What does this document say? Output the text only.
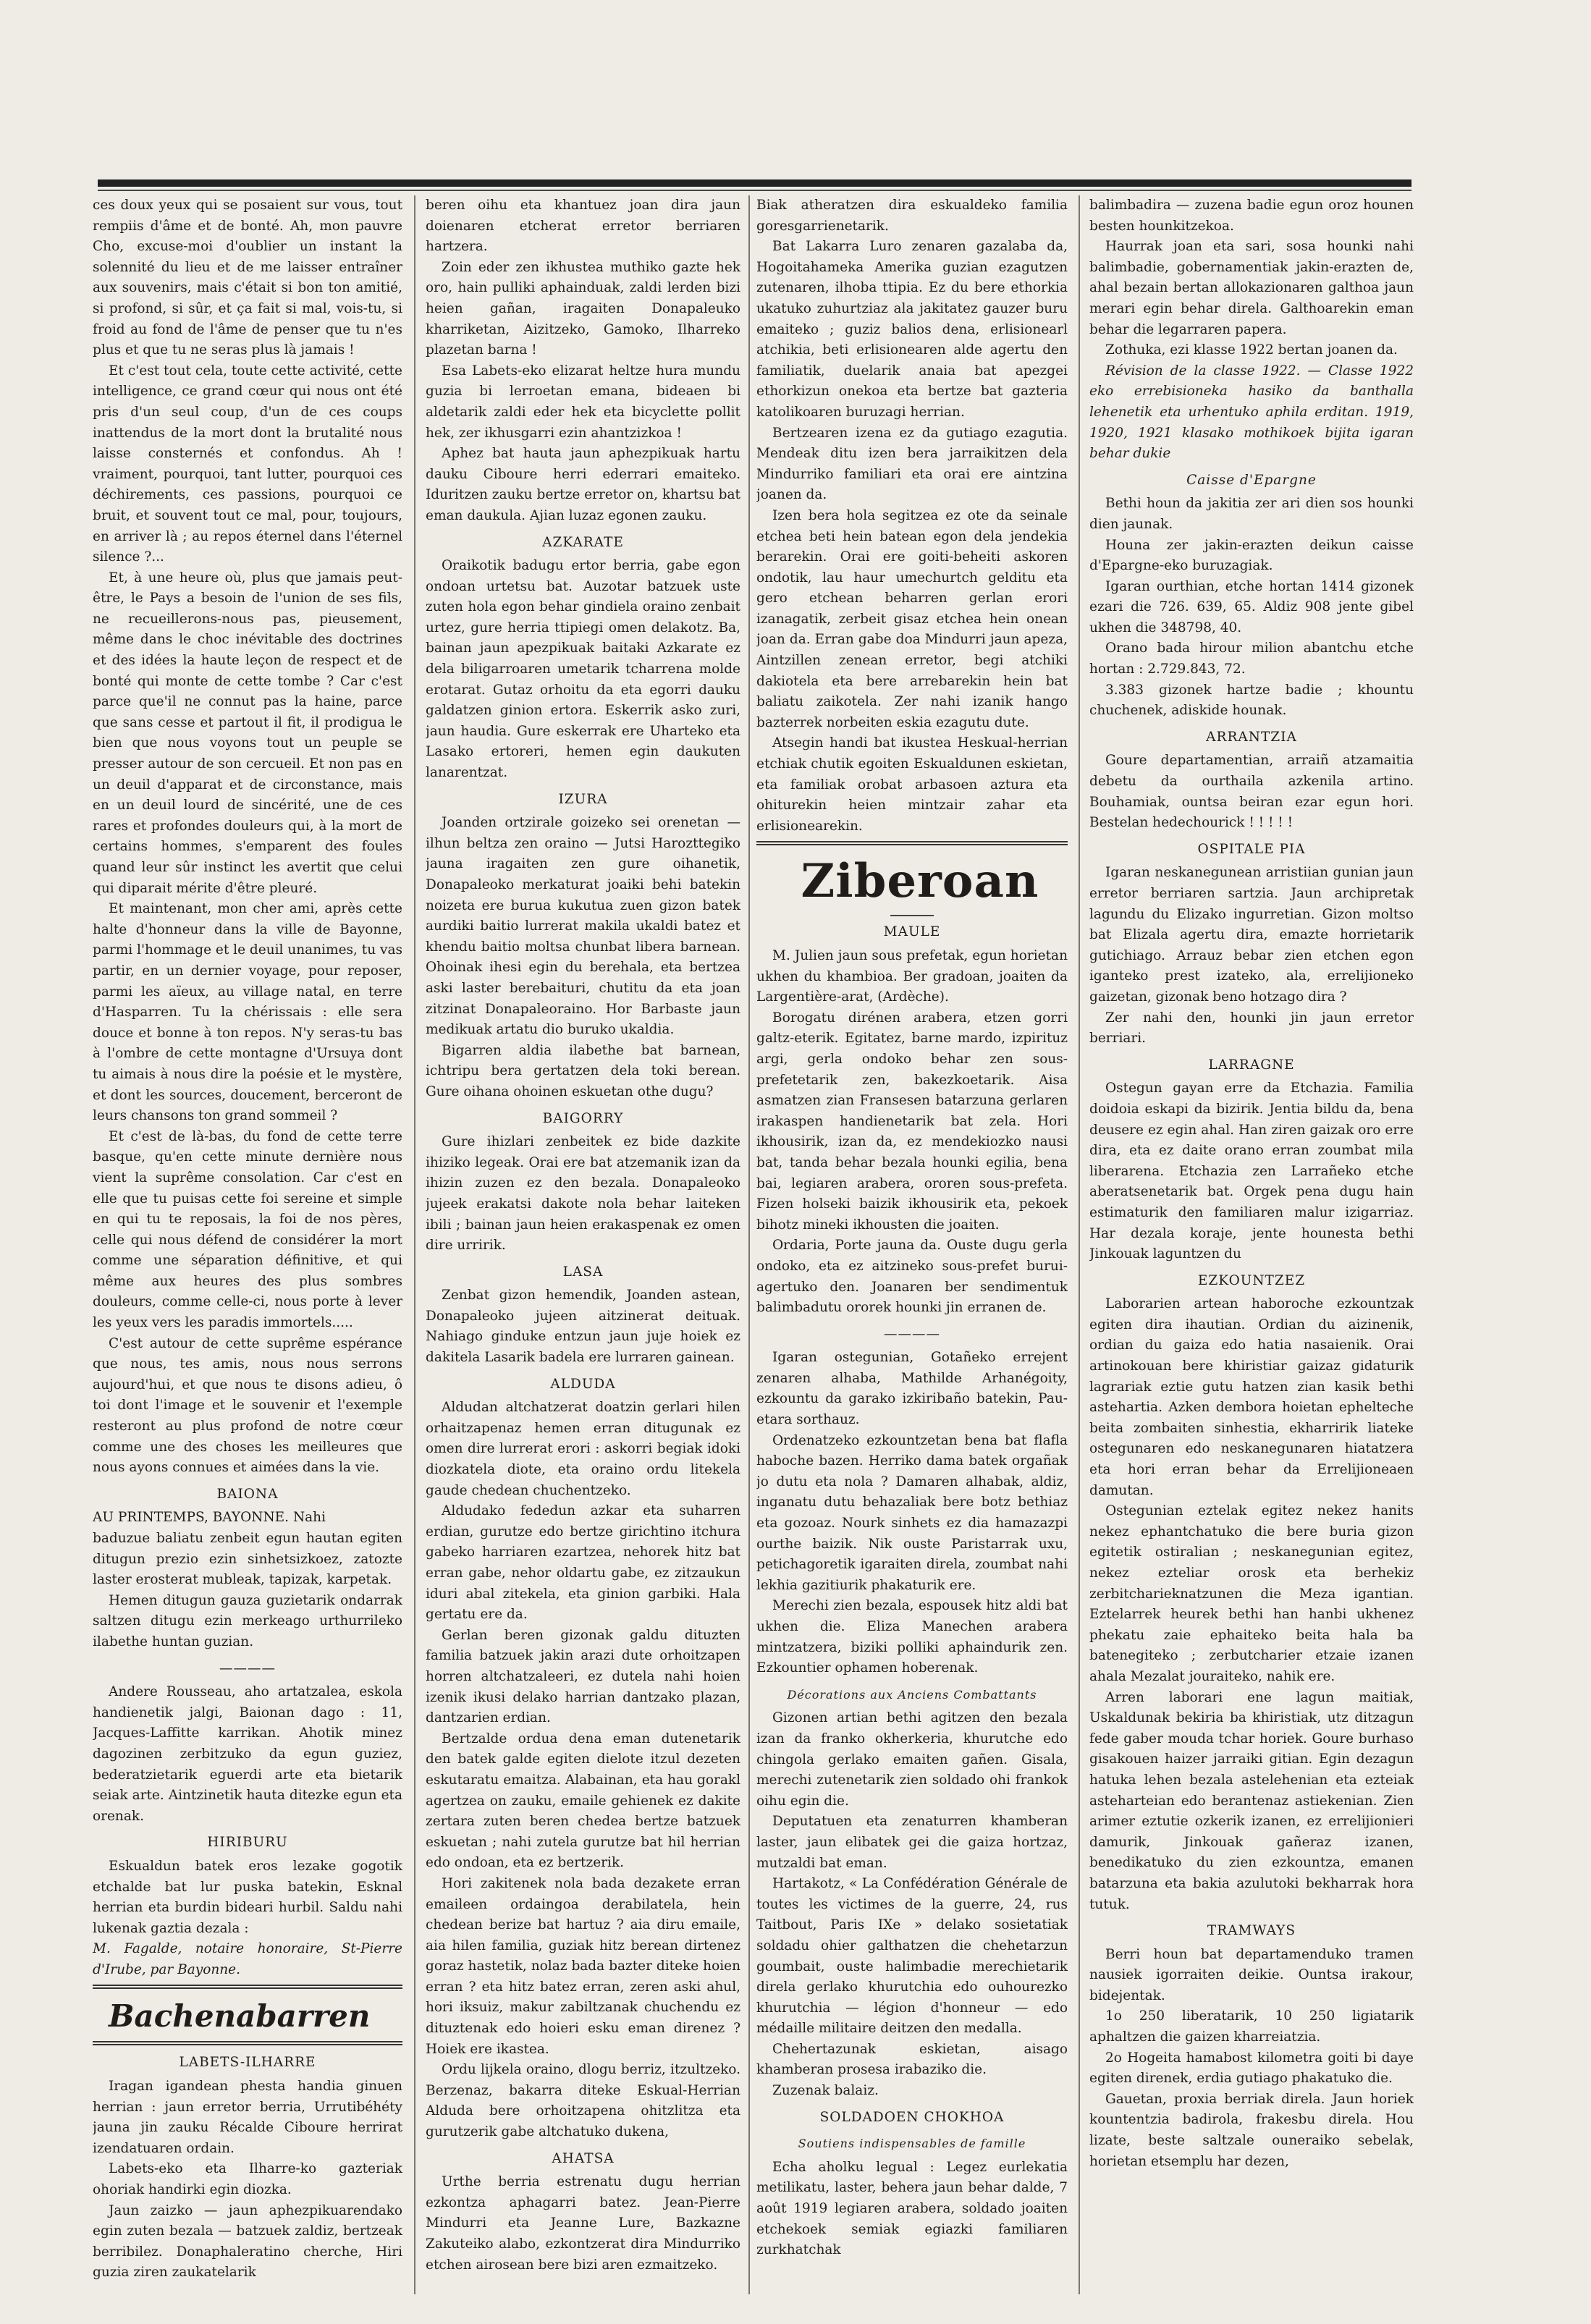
ces doux yeux qui se posaient sur vous, tout rempiis d'âme et de bonté. Ah, mon pauvre Cho, excuse-moi d'oublier un instant la solennité du lieu et de me laisser entraîner aux souvenirs, mais c'était si bon ton amitié, si profond, si sûr, et ça fait si mal, vois-tu, si froid au fond de l'âme de penser que tu n'es plus et que tu ne seras plus là jamais !

Et c'est tout cela, toute cette activité, cette intelligence, ce grand cœur qui nous ont été pris d'un seul coup, d'un de ces coups inattendus de la mort dont la brutalité nous laisse consternés et confondus. Ah ! vraiment, pourquoi, tant lutter, pourquoi ces déchirements, ces passions, pourquoi ce bruit, et souvent tout ce mal, pour, toujours, en arriver là ; au repos éternel dans l'éternel silence ?...

Et, à une heure où, plus que jamais peut-être, le Pays a besoin de l'union de ses fils, ne recueillerons-nous pas, pieusement, même dans le choc inévitable des doctrines et des idées la haute leçon de respect et de bonté qui monte de cette tombe ? Car c'est parce que'il ne connut pas la haine, parce que sans cesse et partout il fit, il prodigua le bien que nous voyons tout un peuple se presser autour de son cercueil. Et non pas en un deuil d'apparat et de circonstance, mais en un deuil lourd de sincérité, une de ces rares et profondes douleurs qui, à la mort de certains hommes, s'emparent des foules quand leur sûr instinct les avertit que celui qui diparait mérite d'être pleuré.

Et maintenant, mon cher ami, après cette halte d'honneur dans la ville de Bayonne, parmi l'hommage et le deuil unanimes, tu vas partir, en un dernier voyage, pour reposer, parmi les aïeux, au village natal, en terre d'Hasparren. Tu la chérissais : elle sera douce et bonne à ton repos. N'y seras-tu bas à l'ombre de cette montagne d'Ursuya dont tu aimais à nous dire la poésie et le mystère, et dont les sources, doucement, berceront de leurs chansons ton grand sommeil ?

Et c'est de là-bas, du fond de cette terre basque, qu'en cette minute dernière nous vient la suprême consolation. Car c'est en elle que tu puisas cette foi sereine et simple en qui tu te reposais, la foi de nos pères, celle qui nous défend de considérer la mort comme une séparation définitive, et qui même aux heures des plus sombres douleurs, comme celle-ci, nous porte à lever les yeux vers les paradis immortels.....

C'est autour de cette suprême espérance que nous, tes amis, nous nous serrons aujourd'hui, et que nous te disons adieu, ô toi dont l'image et le souvenir et l'exemple resteront au plus profond de notre cœur comme une des choses les meilleures que nous ayons connues et aimées dans la vie.

BAIONA

AU PRINTEMPS, BAYONNE. Nahi

baduzue baliatu zenbeit egun hautan egiten ditugun prezio ezin sinhetsizkoez, zatozte laster erosterat mubleak, tapizak, karpetak.

Hemen ditugun gauza guzietarik ondarrak saltzen ditugu ezin merkeago urthurrileko ilabethe huntan guzian.

————

Andere Rousseau, aho artatzalea, eskola handienetik jalgi, Baionan dago : 11, Jacques-Laffitte karrikan. Ahotik minez dagozinen zerbitzuko da egun guziez, bederatzietarik eguerdi arte eta bietarik seiak arte. Aintzinetik hauta ditezke egun eta orenak.

HIRIBURU

Eskualdun batek eros lezake gogotik etchalde bat lur puska batekin, Esknal herrian eta burdin bideari hurbil. Saldu nahi lukenak gaztia dezala :

M. Fagalde, notaire honoraire, St-Pierre d'Irube, par Bayonne.

Bachenabarren

LABETS-ILHARRE

Iragan igandean phesta handia ginuen herrian : jaun erretor berria, Urrutibéhéty jauna jin zauku Récalde Ciboure herrirat izendatuaren ordain.

Labets-eko eta Ilharre-ko gazteriak ohoriak handirki egin diozka.

Jaun zaizko — jaun aphezpikuarendako egin zuten bezala — batzuek zaldiz, bertzeak berribilez. Donaphaleratino cherche, Hiri guzia ziren zaukatelarik

beren oihu eta khantuez joan dira jaun doienaren etcherat erretor berriaren hartzera.

Zoin eder zen ikhustea muthiko gazte hek oro, hain pulliki aphainduak, zaldi lerden bizi heien gañan, iragaiten Donapaleuko kharriketan, Aizitzeko, Gamoko, Ilharreko plazetan barna !

Esa Labets-eko elizarat heltze hura mundu guzia bi lerroetan emana, bideaen bi aldetarik zaldi eder hek eta bicyclette pollit hek, zer ikhusgarri ezin ahantzizkoa !

Aphez bat hauta jaun aphezpikuak hartu dauku Ciboure herri ederrari emaiteko. Iduritzen zauku bertze erretor on, khartsu bat eman daukula. Ajian luzaz egonen zauku.

AZKARATE

Oraikotik badugu ertor berria, gabe egon ondoan urtetsu bat. Auzotar batzuek uste zuten hola egon behar gindiela oraino zenbait urtez, gure herria ttipiegi omen delakotz. Ba, bainan jaun apezpikuak baitaki Azkarate ez dela biligarroaren umetarik tcharrena molde erotarat. Gutaz orhoitu da eta egorri dauku galdatzen ginion ertora. Eskerrik asko zuri, jaun haudia. Gure eskerrak ere Uharteko eta Lasako ertoreri, hemen egin daukuten lanarentzat.

IZURA

Joanden ortziralе goizeko sei orenetan — ilhun beltza zen oraino — Jutsi Harozttegiko jauna iragaiten zen gure oihanetik, Donapaleoko merkaturat joaiki behi batekin noizeta ere burua kukutua zuen gizon batek aurdiki baitio lurrerat makila ukaldi batez et khendu baitio moltsa chunbat libera barnean. Ohoinak ihesi egin du berehala, eta bertzea aski laster berebaituri, chutitu da eta joan zitzinat Donapaleoraino. Hor Barbaste jaun medikuak artatu dio buruko ukaldia.

Bigarren aldia ilabethe bat barnean, ichtripu bera gertatzen dela toki berean. Gure oihana ohoinen eskuetan othe dugu?

BAIGORRY

Gure ihizlari zenbeitek ez bide dazkite ihiziko legeak. Orai ere bat atzemanik izan da ihizin zuzen ez den bezala. Donapaleoko jujeek erakatsi dakote nola behar laiteken ibili ; bainan jaun heien erakaspenak ez omen dire urririk.

LASA

Zenbat gizon hemendik, Joanden astean, Donapaleoko jujeen aitzinerat deituak. Nahiago ginduke entzun jaun juje hoiek ez dakitela Lasarik badela ere lurraren gainean.

ALDUDA

Aldudan altchatzerat doatzin gerlari hilen orhaitzapenaz hemen erran ditugunak ez omen dire lurrerat erori : askorri begiak idoki diozkatela diote, eta oraino ordu litekela gaude chedean chuchentzeko.

Aldudako fededun azkar eta suharren erdian, gurutze edo bertze girichtino itchura gabeko harriaren ezartzea, nehorek hitz bat erran gabe, nehor oldartu gabe, ez zitzaukun iduri abal zitekela, eta ginion garbiki. Hala gertatu ere da.

Gerlan beren gizonak galdu dituzten familia batzuek jakin arazi dute orhoitzapen horren altchatzaleeri, ez dutela nahi hoien izenik ikusi delako harrian dantzako plazan, dantzarien erdian.

Bertzalde ordua dena eman dutenetarik den batek galde egiten dielote itzul dezeten eskutaratu emaitza. Alabainan, eta hau gorakl agertzea on zauku, emaile gehienek ez dakite zertara zuten beren chedea bertze batzuek eskuetan ; nahi zutela gurutze bat hil herrian edo ondoan, eta ez bertzerik.

Hori zakitenek nola bada dezakete erran emaileen ordaingoa derabilatela, hein chedean berize bat hartuz ? aia diru emaile, aia hilen familia, guziak hitz berean dirtenez goraz hastetik, nolaz bada bazter diteke hoien erran ? eta hitz batez erran, zeren aski ahul, hori iksuiz, makur zabiltzanak chuchendu ez dituztenak edo hoieri esku eman direnez ? Hoiek ere ikastea.

Ordu lijkela oraino, dlogu berriz, itzultzeko. Berzenaz, bakarra diteke Eskual-Herrian Alduda bere orhoitzapena ohitzlitza eta gurutzerik gabe altchatuko dukena,

AHATSA

Urthe berria estrenatu dugu herrian ezkontza aphagarri batez. Jean-Pierre Mindurri eta Jeanne Lure, Bazkazne Zakuteiko alabo, ezkontzerat dira Mindurriko etchen airosean bere bizi aren ezmaitzeko.

Biak atheratzen dira eskualdeko familia goresgarrienetarik.

Bat Lakarra Luro zenaren gazalaba da, Hogoitahameka Amerika guzian ezagutzen zutenaren, ilhoba ttipia. Ez du bere ethorkia ukatuko zuhurtziaz ala jakitatez gauzer buru emaiteko ; guziz balios dena, erlisionearl atchikia, beti erlisionearen alde agertu den familiatik, duelarik anaia bat apezgei ethorkizun onekoa eta bertze bat gazteria katolikoaren buruzagi herrian.

Bertzearen izena ez da gutiago ezagutia. Mendeak ditu izen bera jarraikitzen dela Mindurriko familiari eta orai ere aintzina joanen da.

Izen bera hola segitzea ez ote da seinale etchea beti hein batean egon dela jendekia berarekin. Orai ere goiti-beheiti askoren ondotik, lau haur umechurtch gelditu eta gero etchean beharren gerlan erori izanagatik, zerbeit gisaz etchea hein onean joan da. Erran gabe doa Mindurri jaun apeza, Aintzillen zenean erretor, begi atchiki dakiotela eta bere arrebarekin hein bat baliatu zaikotela. Zer nahi izanik hango bazterrek norbeiten eskia ezagutu dute.

Atsegin handi bat ikustea Heskual-herrian etchiak chutik egoiten Eskualdunen eskietan, eta familiak orobat arbasoen aztura eta ohiturekin heien mintzair zahar eta erlisionearekin.

Ziberoan

MAULE

M. Julien jaun sous prefetak, egun horietan ukhen du khambioa. Ber gradoan, joaiten da Largentière-arat, (Ardèche).

Borogatu dirénen arabera, etzen gorri galtz-eterik. Egitatez, barne mardo, izpirituz argi, gerla ondoko behar zen sous-prefetetarik zen, bakezkoetarik. Aisa asmatzen zian Fransesen batarzuna gerlaren irakaspen handienetarik bat zela. Hori ikhousirik, izan da, ez mendekiozko nausi bat, tanda behar bezala hounki egilia, bena bai, legiaren arabera, ororen sous-prefeta. Fizen holseki baizik ikhousirik eta, pekoek bihotz mineki ikhousten die joaiten.

Ordaria, Porte jauna da. Ouste dugu gerla ondoko, eta ez aitzineko sous-prefet burui-agertuko den. Joanaren ber sendimentuk balimbadutu ororek hounki jin erranen de.

————

Igaran ostegunian, Gotañeko errejent zenaren alhaba, Mathilde Arhanégoity, ezkountu da garako izkiribaño batekin, Pau-etara sorthauz.

Ordenatzeko ezkountzetan bena bat flafla haboche bazen. Herriko dama batek orgañak jo dutu eta nola ? Damaren alhabak, aldiz, inganatu dutu behazaliak bere botz bethiaz eta gozoaz. Nourk sinhets ez dia hamazazpi ourthe baizik. Nik ouste Paristarrak uxu, petichagoretik igaraiten direla, zoumbat nahi lekhia gazitiurik phakaturik ere.

Merechi zien bezala, espousek hitz aldi bat ukhen die. Eliza Manechen arabera mintzatzera, biziki polliki aphaindurik zen. Ezkountier ophamen hoberenak.

Décorations aux Anciens Combattants

Gizonen artian bethi agitzen den bezala izan da franko okherkeria, khurutche edo chingola gerlako emaiten gañen. Gisala, merechi zutenetarik zien soldado ohi frankok oihu egin die.

Deputatuen eta zenaturren khamberan laster, jaun elibatek gei die gaiza hortzaz, mutzaldi bat eman.

Hartakotz, « La Confédération Générale de toutes les victimes de la guerre, 24, rus Taitbout, Paris IXe » delako sosietatiak soldadu ohier galthatzen die chehetarzun goumbait, ouste halimbadie merechietarik direla gerlako khurutchia edo ouhourezko khurutchia — légion d'honneur — edo médaille militaire deitzen den medalla.

Chehertazunak eskietan, aisago khamberan prosesa irabaziko die.

Zuzenak balaiz.

SOLDADOEN CHOKHOA

Soutiens indispensables de famille

Echa aholku legual : Legez eurlekatia metilikatu, laster, behera jaun behar dalde, 7 août 1919 legiaren arabera, soldado joaiten etchekoek semiak egiazki familiaren zurkhatchak

balimbadira — zuzena badie egun oroz hounen besten hounkitzekoa.

Haurrak joan eta sari, sosa hounki nahi balimbadie, gobernamentiak jakin-erazten de, ahal bezain bertan allokazionaren galthoa jaun merari egin behar direla. Galthoarekin eman behar die legarraren papera.

Zothuka, ezi klasse 1922 bertan joanen da.

Révision de la classe 1922. — Classe 1922 eko errebisioneka hasiko da banthalla lehenetik eta urhentuko aphila erditan. 1919, 1920, 1921 klasako mothikoek bijita igaran behar dukie

Caisse d'Epargne

Bethi houn da jakitia zer ari dien sos hounki dien jaunak.

Houna zer jakin-erazten deikun caisse d'Epargne-eko buruzagiak.

Igaran ourthian, etche hortan 1414 gizonek ezari die 726. 639, 65. Aldiz 908 jente gibel ukhen die 348798, 40.

Orano bada hirour milion abantchu etche hortan : 2.729.843, 72.

3.383 gizonek hartze badie ; khountu chuchenek, adiskide hounak.

ARRANTZIA

Goure departamentian, arraiñ atzamaitia debetu da ourthaila azkenila artino. Bouhamiak, ountsa beiran ezar egun hori. Bestelan hedechourick ! ! ! ! !

OSPITALE PIA

Igaran neskanegunean arristiian gunian jaun erretor berriaren sartzia. Jaun archipretak lagundu du Elizako ingurretian. Gizon moltso bat Elizala agertu dira, emazte horrietarik gutichiago. Arrauz bebar zien etchen egon iganteko prest izateko, ala, errelijioneko gaizetan, gizonak beno hotzago dira ?

Zer nahi den, hounki jin jaun erretor berriari.

LARRAGNE

Ostegun gayan erre da Etchazia. Familia doidoia eskapi da bizirik. Jentia bildu da, bena deusere ez egin ahal. Han ziren gaizak oro erre dira, eta ez daite orano erran zoumbat mila liberarena. Etchazia zen Larrañeko etche aberatsenetarik bat. Orgek pena dugu hain estimaturik den familiaren malur izigarriaz. Har dezala koraje, jente hounesta bethi Jinkouak laguntzen du

EZKOUNTZEZ

Laborarien artean haboroche ezkountzak egiten dira ihautian. Ordian du aizinenik, ordian du gaiza edo hatia nasaienik. Orai artinokouan bere khiristiar gaizaz gidaturik lagrariak eztie gutu hatzen zian kasik bethi astehartia. Azken dembora hoietan ephelteche beita zombaiten sinhestia, ekharririk liateke ostegunaren edo neskanegunaren hiatatzera eta hori erran behar da Errelijioneaen damutan.

Ostegunian eztelak egitez nekez hanits nekez ephantchatuko die bere buria gizon egitetik ostiralian ; neskanegunian egitez, nekez ezteliar orosk eta berhekiz zerbitcharieknatzunen die Meza igantian. Eztelarrek heurek bethi han hanbi ukhenez phekatu zaie ephaiteko beita hala ba batenegiteko ; zerbutcharier etzaie izanen ahala Mezalat jouraiteko, nahik ere.

Arren laborari ene lagun maitiak, Uskaldunak bekiria ba khiristiak, utz ditzagun fede gaber mouda tchar horiek. Goure burhaso gisakouen haizer jarraiki gitian. Egin dezagun hatuka lehen bezala astelehenian eta ezteiak asteharteian edo berantenaz astiekenian. Zien arimer eztutie ozkerik izanen, ez errelijionieri damurik, Jinkouak gañeraz izanen, benedikatuko du zien ezkountza, emanen batarzuna eta bakia azulutoki bekharrak hora tutuk.

TRAMWAYS

Berri houn bat departamenduko tramen nausiek igorraiten deikie. Ountsa irakour, bidejentak.

1o 250 liberatarik, 10 250 ligiatarik aphaltzen die gaizen kharreiatzia.

2o Hogeita hamabost kilometra goiti bi daye egiten direnek, erdia gutiago phakatuko die.

Gauetan, proxia berriak direla. Jaun horiek kountentzia badirola, frakesbu direla. Hou lizate, beste saltzale ouneraiko sebelak, horietan etsemplu har dezen,
